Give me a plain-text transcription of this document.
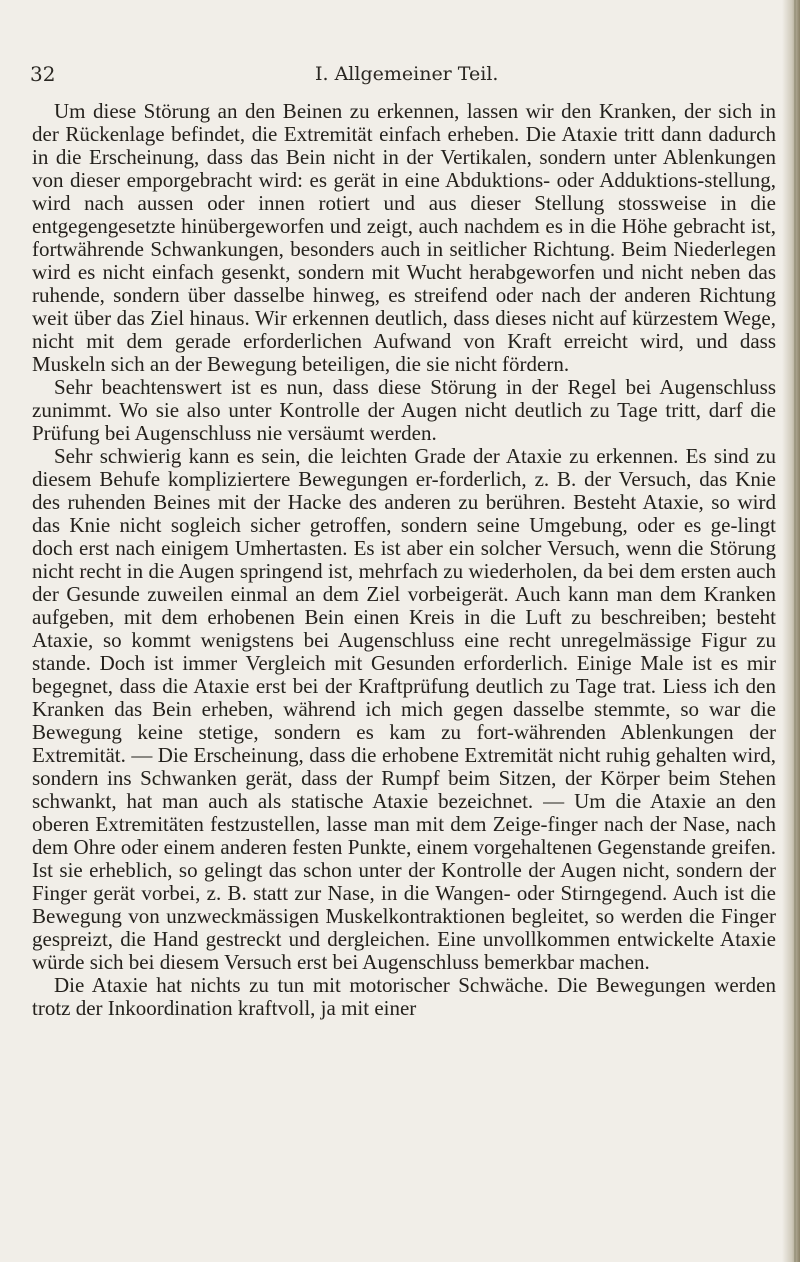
32	I. Allgemeiner Teil.

Um diese Störung an den Beinen zu erkennen, lassen wir den Kranken, der sich in der Rückenlage befindet, die Extremität einfach erheben. Die Ataxie tritt dann dadurch in die Erscheinung, dass das Bein nicht in der Vertikalen, sondern unter Ablenkungen von dieser emporgebracht wird: es gerät in eine Abduktions- oder Adduktions-stellung, wird nach aussen oder innen rotiert und aus dieser Stellung stossweise in die entgegengesetzte hinübergeworfen und zeigt, auch nachdem es in die Höhe gebracht ist, fortwährende Schwankungen, besonders auch in seitlicher Richtung. Beim Niederlegen wird es nicht einfach gesenkt, sondern mit Wucht herabgeworfen und nicht neben das ruhende, sondern über dasselbe hinweg, es streifend oder nach der anderen Richtung weit über das Ziel hinaus. Wir erkennen deutlich, dass dieses nicht auf kürzestem Wege, nicht mit dem gerade erforderlichen Aufwand von Kraft erreicht wird, und dass Muskeln sich an der Bewegung beteiligen, die sie nicht fördern.

Sehr beachtenswert ist es nun, dass diese Störung in der Regel bei Augenschluss zunimmt. Wo sie also unter Kontrolle der Augen nicht deutlich zu Tage tritt, darf die Prüfung bei Augenschluss nie versäumt werden.

Sehr schwierig kann es sein, die leichten Grade der Ataxie zu erkennen. Es sind zu diesem Behufe kompliziertere Bewegungen er-forderlich, z. B. der Versuch, das Knie des ruhenden Beines mit der Hacke des anderen zu berühren. Besteht Ataxie, so wird das Knie nicht sogleich sicher getroffen, sondern seine Umgebung, oder es ge-lingt doch erst nach einigem Umhertasten. Es ist aber ein solcher Versuch, wenn die Störung nicht recht in die Augen springend ist, mehrfach zu wiederholen, da bei dem ersten auch der Gesunde zuweilen einmal an dem Ziel vorbeigerät. Auch kann man dem Kranken aufgeben, mit dem erhobenen Bein einen Kreis in die Luft zu beschreiben; besteht Ataxie, so kommt wenigstens bei Augenschluss eine recht unregelmässige Figur zu stande. Doch ist immer Vergleich mit Gesunden erforderlich. Einige Male ist es mir begegnet, dass die Ataxie erst bei der Kraftprüfung deutlich zu Tage trat. Liess ich den Kranken das Bein erheben, während ich mich gegen dasselbe stemmte, so war die Bewegung keine stetige, sondern es kam zu fort-währenden Ablenkungen der Extremität. — Die Erscheinung, dass die erhobene Extremität nicht ruhig gehalten wird, sondern ins Schwanken gerät, dass der Rumpf beim Sitzen, der Körper beim Stehen schwankt, hat man auch als statische Ataxie bezeichnet. — Um die Ataxie an den oberen Extremitäten festzustellen, lasse man mit dem Zeige-finger nach der Nase, nach dem Ohre oder einem anderen festen Punkte, einem vorgehaltenen Gegenstande greifen. Ist sie erheblich, so gelingt das schon unter der Kontrolle der Augen nicht, sondern der Finger gerät vorbei, z. B. statt zur Nase, in die Wangen- oder Stirngegend. Auch ist die Bewegung von unzweckmässigen Muskelkontraktionen begleitet, so werden die Finger gespreizt, die Hand gestreckt und dergleichen. Eine unvollkommen entwickelte Ataxie würde sich bei diesem Versuch erst bei Augenschluss bemerkbar machen.

Die Ataxie hat nichts zu tun mit motorischer Schwäche. Die Bewegungen werden trotz der Inkoordination kraftvoll, ja mit einer
